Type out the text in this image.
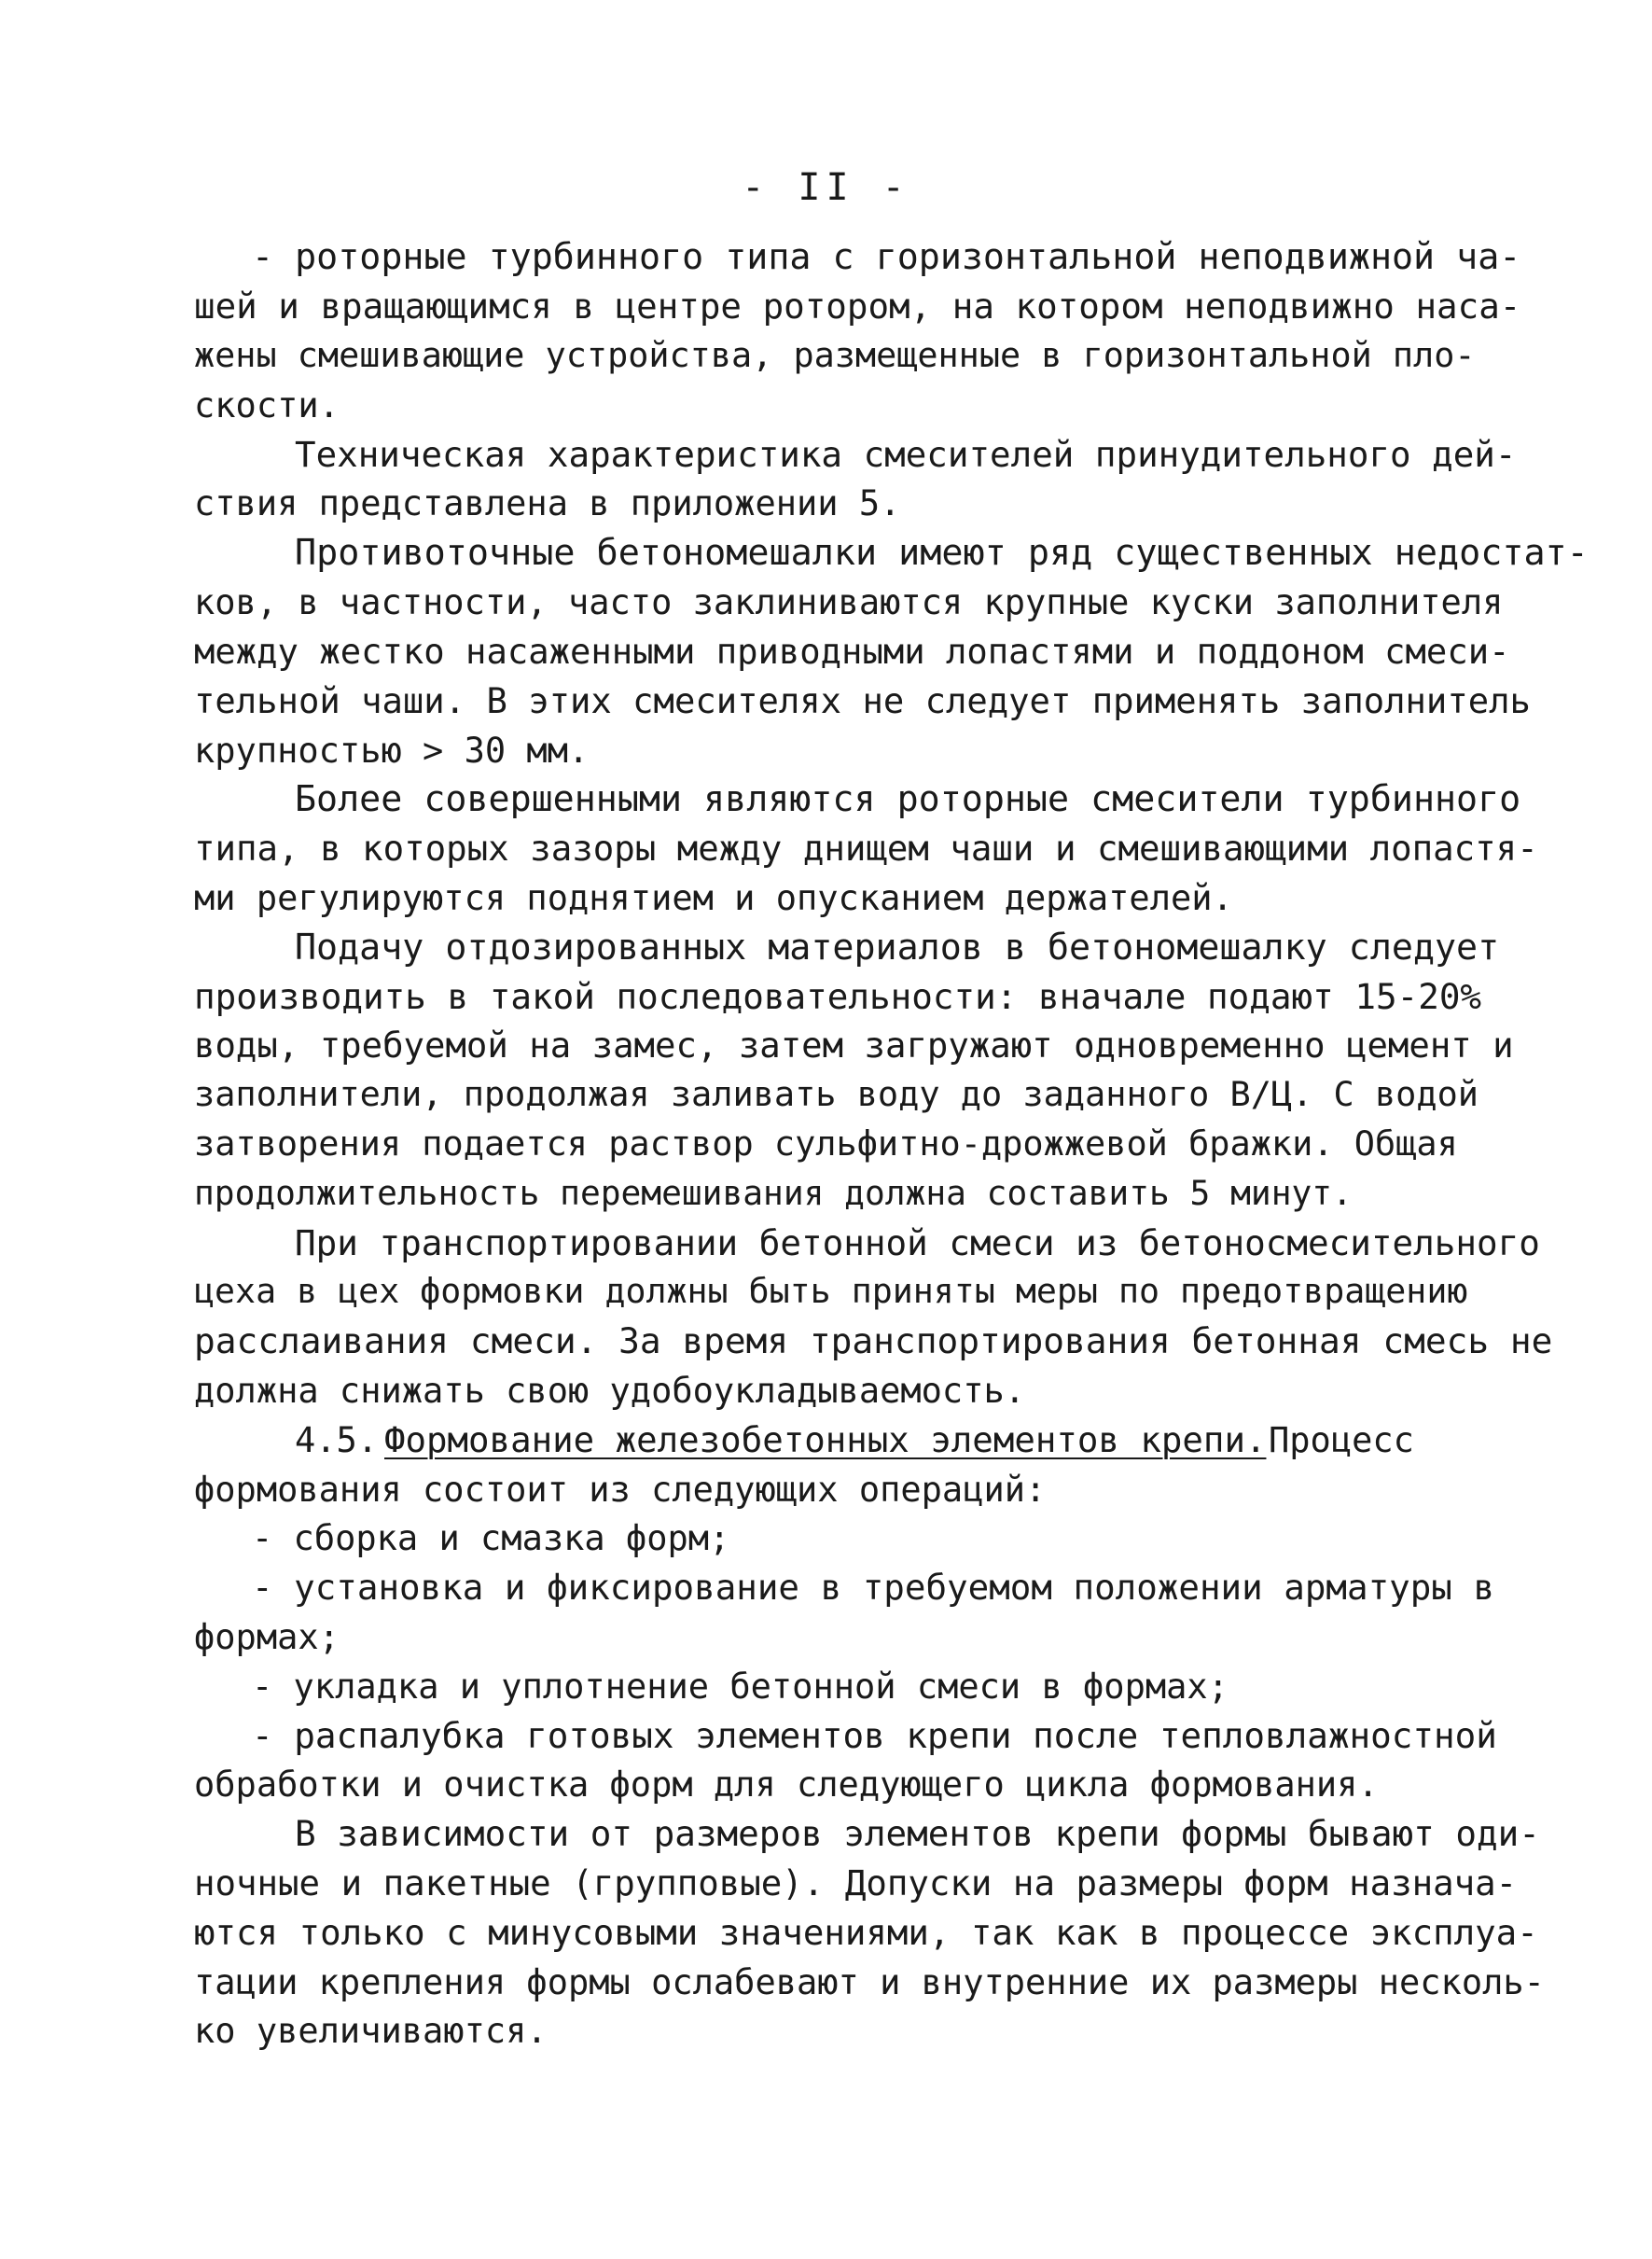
- II -
- роторные турбинного типа с горизонтальной неподвижной ча-
шей и вращающимся в центре ротором, на котором неподвижно наса-
жены смешивающие устройства, размещенные в горизонтальной пло-
скости.
Техническая характеристика смесителей принудительного дей-
ствия представлена в приложении 5.
Противоточные бетономешалки имеют ряд существенных недостат-
ков, в частности, часто заклиниваются крупные куски заполнителя
между жестко насаженными приводными лопастями и поддоном смеси-
тельной чаши. В этих смесителях не следует применять заполнитель
крупностью > 30 мм.
Более совершенными являются роторные смесители турбинного
типа, в которых зазоры между днищем чаши и смешивающими лопастя-
ми регулируются поднятием и опусканием держателей.
Подачу отдозированных материалов в бетономешалку следует
производить в такой последовательности: вначале подают 15-20%
воды, требуемой на замес, затем загружают одновременно цемент и
заполнители, продолжая заливать воду до заданного В/Ц. С водой
затворения подается раствор сульфитно-дрожжевой бражки. Общая
продолжительность перемешивания должна составить 5 минут.
При транспортировании бетонной смеси из бетоносмесительного
цеха в цех формовки должны быть приняты меры по предотвращению
расслаивания смеси. За время транспортирования бетонная смесь не
должна снижать свою удобоукладываемость.
4.5. Формование железобетонных элементов крепи. Процесс
формования состоит из следующих операций:
- сборка и смазка форм;
- установка и фиксирование в требуемом положении арматуры в
формах;
- укладка и уплотнение бетонной смеси в формах;
- распалубка готовых элементов крепи после тепловлажностной
обработки и очистка форм для следующего цикла формования.
В зависимости от размеров элементов крепи формы бывают оди-
ночные и пакетные (групповые). Допуски на размеры форм назнача-
ются только с минусовыми значениями, так как в процессе эксплуа-
тации крепления формы ослабевают и внутренние их размеры несколь-
ко увеличиваются.
